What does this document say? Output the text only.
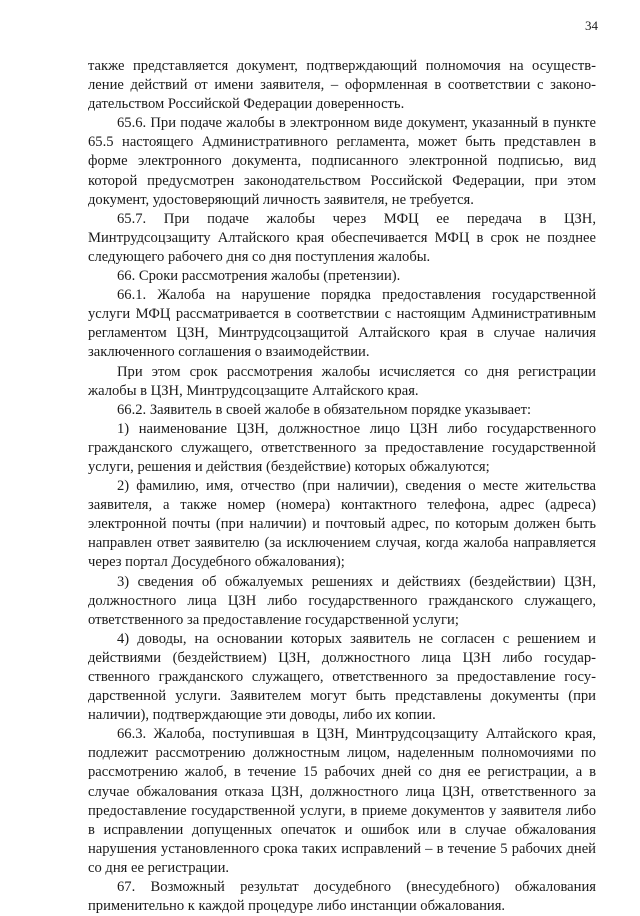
34

также представляется документ, подтверждающий полномочия на осуществление действий от имени заявителя, – оформленная в соответствии с законодательством Российской Федерации доверенность.

65.6. При подаче жалобы в электронном виде документ, указанный в пункте 65.5 настоящего Административного регламента, может быть представлен в форме электронного документа, подписанного электронной подписью, вид которой предусмотрен законодательством Российской Федерации, при этом документ, удостоверяющий личность заявителя, не требуется.

65.7. При подаче жалобы через МФЦ ее передача в ЦЗН, Минтрудсоцзащиту Алтайского края обеспечивается МФЦ в срок не позднее следующего рабочего дня со дня поступления жалобы.

66. Сроки рассмотрения жалобы (претензии).

66.1. Жалоба на нарушение порядка предоставления государственной услуги МФЦ рассматривается в соответствии с настоящим Административным регламентом ЦЗН, Минтрудсоцзащитой Алтайского края в случае наличия заключенного соглашения о взаимодействии.

При этом срок рассмотрения жалобы исчисляется со дня регистрации жалобы в ЦЗН, Минтрудсоцзащите Алтайского края.

66.2. Заявитель в своей жалобе в обязательном порядке указывает:

1) наименование ЦЗН, должностное лицо ЦЗН либо государственного гражданского служащего, ответственного за предоставление государственной услуги, решения и действия (бездействие) которых обжалуются;

2) фамилию, имя, отчество (при наличии), сведения о месте жительства заявителя, а также номер (номера) контактного телефона, адрес (адреса) электронной почты (при наличии) и почтовый адрес, по которым должен быть направлен ответ заявителю (за исключением случая, когда жалоба направляется через портал Досудебного обжалования);

3) сведения об обжалуемых решениях и действиях (бездействии) ЦЗН, должностного лица ЦЗН либо государственного гражданского служащего, ответственного за предоставление государственной услуги;

4) доводы, на основании которых заявитель не согласен с решением и действиями (бездействием) ЦЗН, должностного лица ЦЗН либо государственного гражданского служащего, ответственного за предоставление государственной услуги. Заявителем могут быть представлены документы (при наличии), подтверждающие эти доводы, либо их копии.

66.3. Жалоба, поступившая в ЦЗН, Минтрудсоцзащиту Алтайского края, подлежит рассмотрению должностным лицом, наделенным полномочиями по рассмотрению жалоб, в течение 15 рабочих дней со дня ее регистрации, а в случае обжалования отказа ЦЗН, должностного лица ЦЗН, ответственного за предоставление государственной услуги, в приеме документов у заявителя либо в исправлении допущенных опечаток и ошибок или в случае обжалования нарушения установленного срока таких исправлений – в течение 5 рабочих дней со дня ее регистрации.

67. Возможный результат досудебного (внесудебного) обжалования применительно к каждой процедуре либо инстанции обжалования.
